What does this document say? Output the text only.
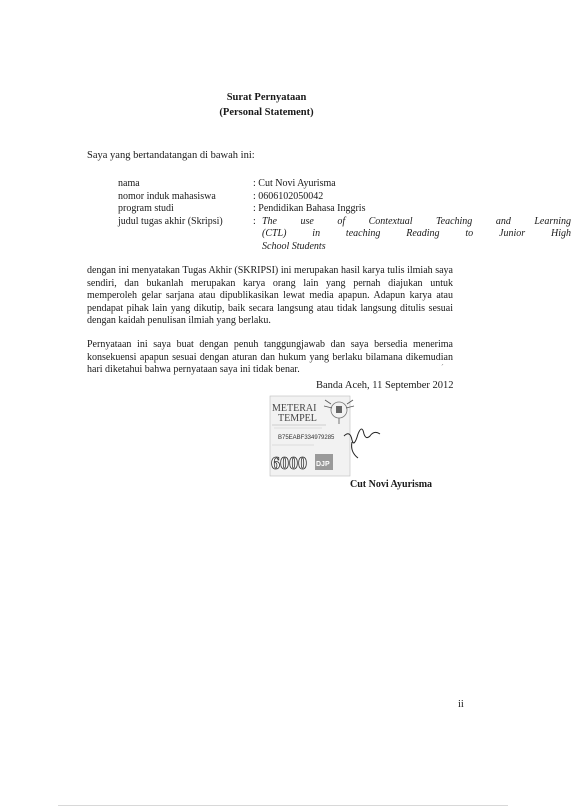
Surat Pernyataan
(Personal Statement)
Saya yang bertandatangan di bawah ini:
nama	: Cut Novi Ayurisma
nomor induk mahasiswa	: 0606102050042
program studi	: Pendidikan Bahasa Inggris
judul tugas akhir (Skripsi)	: The use of Contextual Teaching and Learning
(CTL) in teaching Reading to Junior High
School Students
dengan ini menyatakan Tugas Akhir (SKRIPSI) ini merupakan hasil karya tulis ilmiah saya sendiri, dan bukanlah merupakan karya orang lain yang pernah diajukan untuk memperoleh gelar sarjana atau dipublikasikan lewat media apapun. Adapun karya atau pendapat pihak lain yang dikutip, baik secara langsung atau tidak langsung ditulis sesuai dengan kaidah penulisan ilmiah yang berlaku.
Pernyataan ini saya buat dengan penuh tanggungjawab dan saya bersedia menerima konsekuensi apapun sesuai dengan aturan dan hukum yang berlaku bilamana dikemudian hari diketahui bahwa pernyataan saya ini tidak benar.	ˊ
Banda Aceh, 11 September 2012
METERAI
TEMPEL
B75EABF334979285
6000 DJP
Cut Novi Ayurisma
ii
